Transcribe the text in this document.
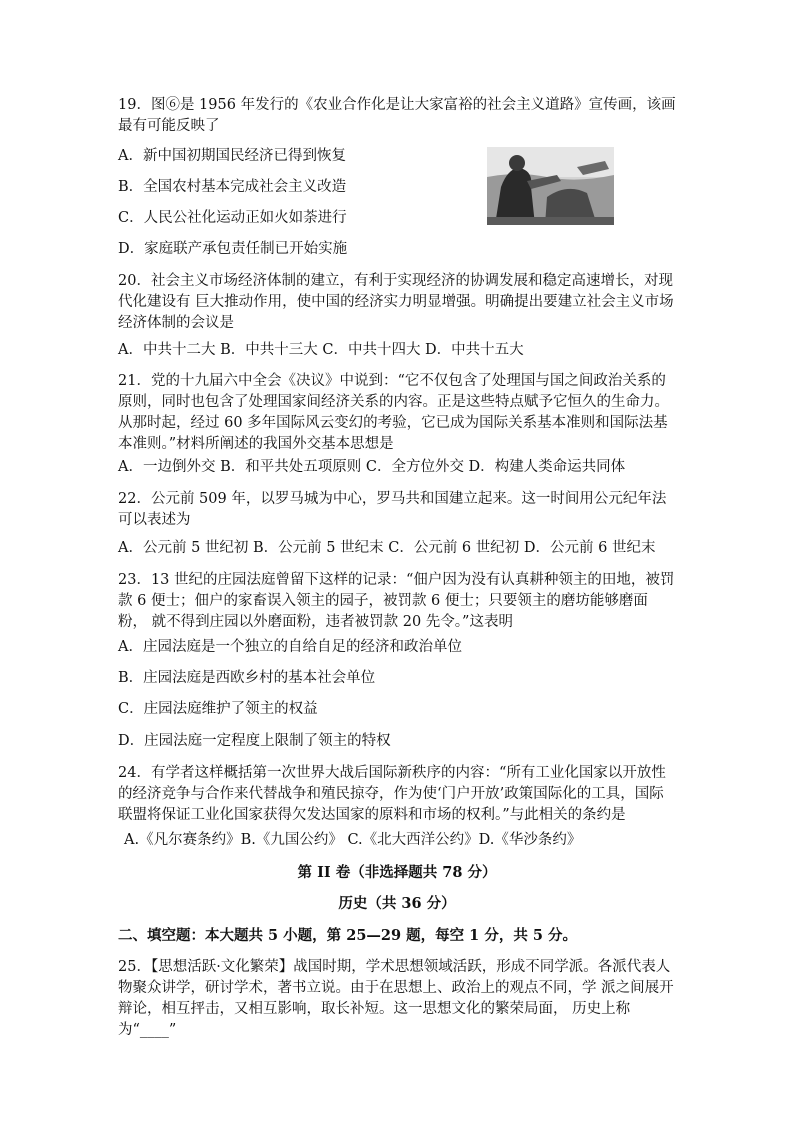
19．图⑥是 1956 年发行的《农业合作化是让大家富裕的社会主义道路》宣传画，该画最有可能反映了

A．新中国初期国民经济已得到恢复

B．全国农村基本完成社会主义改造

C．人民公社化运动正如火如荼进行

D．家庭联产承包责任制已开始实施

20．社会主义市场经济体制的建立，有利于实现经济的协调发展和稳定高速增长，对现代化建设有 巨大推动作用，使中国的经济实力明显增强。明确提出要建立社会主义市场经济体制的会议是

A．中共十二大 B．中共十三大 C．中共十四大 D．中共十五大

21．党的十九届六中全会《决议》中说到：“它不仅包含了处理国与国之间政治关系的原则，同时也包含了处理国家间经济关系的内容。正是这些特点赋予它恒久的生命力。 从那时起，经过 60 多年国际风云变幻的考验，它已成为国际关系基本准则和国际法基本准则。”材料所阐述的我国外交基本思想是

A．一边倒外交 B．和平共处五项原则 C．全方位外交 D．构建人类命运共同体

22．公元前 509 年，以罗马城为中心，罗马共和国建立起来。这一时间用公元纪年法可以表述为

A．公元前 5 世纪初 B．公元前 5 世纪末 C．公元前 6 世纪初 D．公元前 6 世纪末

23．13 世纪的庄园法庭曾留下这样的记录：“佃户因为没有认真耕种领主的田地，被罚款 6 便士；佃户的家畜误入领主的园子，被罚款 6 便士；只要领主的磨坊能够磨面粉， 就不得到庄园以外磨面粉，违者被罚款 20 先令。”这表明

A．庄园法庭是一个独立的自给自足的经济和政治单位

B．庄园法庭是西欧乡村的基本社会单位

C．庄园法庭维护了领主的权益

D．庄园法庭一定程度上限制了领主的特权

24．有学者这样概括第一次世界大战后国际新秩序的内容：“所有工业化国家以开放性的经济竞争与合作来代替战争和殖民掠夺，作为使‘门户开放’政策国际化的工具，国际联盟将保证工业化国家获得欠发达国家的原料和市场的权利。”与此相关的条约是

A.《凡尔赛条约》B.《九国公约》 C.《北大西洋公约》D.《华沙条约》

第 II 卷（非选择题共 78 分）

历史（共 36 分）

二、填空题：本大题共 5 小题，第 25—29 题，每空 1 分，共 5 分。

25．【思想活跃·文化繁荣】战国时期，学术思想领域活跃，形成不同学派。各派代表人物聚众讲学，研讨学术，著书立说。由于在思想上、政治上的观点不同，学 派之间展开辩论，相互抨击，又相互影响，取长补短。这一思想文化的繁荣局面， 历史上称为“____”
